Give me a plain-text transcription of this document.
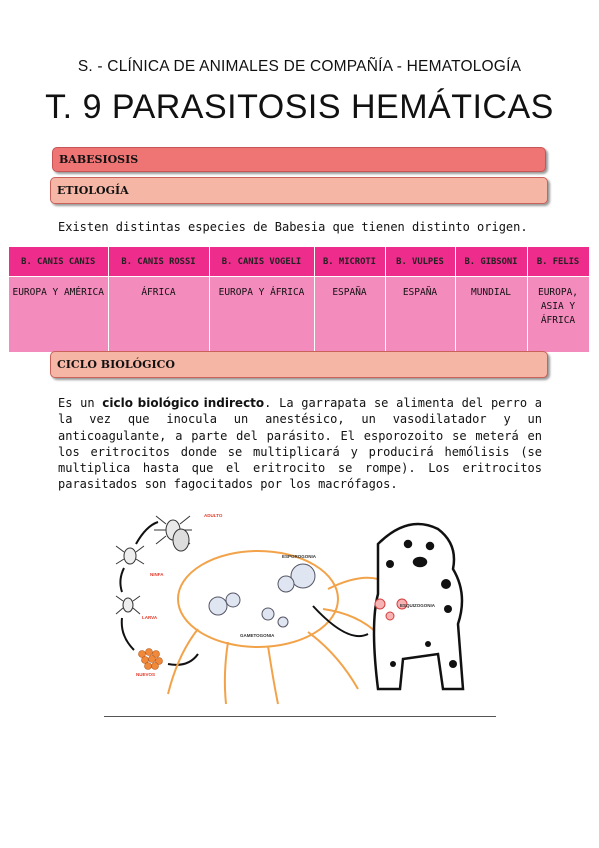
S. - CLÍNICA DE ANIMALES DE COMPAÑÍA - HEMATOLOGÍA
T. 9 PARASITOSIS HEMÁTICAS
BABESIOSIS
ETIOLOGÍA
Existen distintas especies de Babesia que tienen distinto origen.
B. CANIS CANIS	B. CANIS ROSSI	B. CANIS VOGELI	B. MICROTI	B. VULPES	B. GIBSONI	B. FELIS
EUROPA Y AMÉRICA	ÁFRICA	EUROPA Y ÁFRICA	ESPAÑA	ESPAÑA	MUNDIAL	EUROPA, ASIA Y ÁFRICA
CICLO BIOLÓGICO
Es un ciclo biológico indirecto. La garrapata se alimenta del perro a la vez que inocula un anestésico, un vasodilatador y un anticoagulante, a parte del parásito. El esporozoito se meterá en los eritrocitos donde se multiplicará y producirá hemólisis (se multiplica hasta que el eritrocito se rompe). Los eritrocitos parasitados son fagocitados por los macrófagos.
ADULTO
NINFA
LARVA
NUEVOS
ESPOROGONIA
GAMETOGONIA
ESQUIZOGONIA
